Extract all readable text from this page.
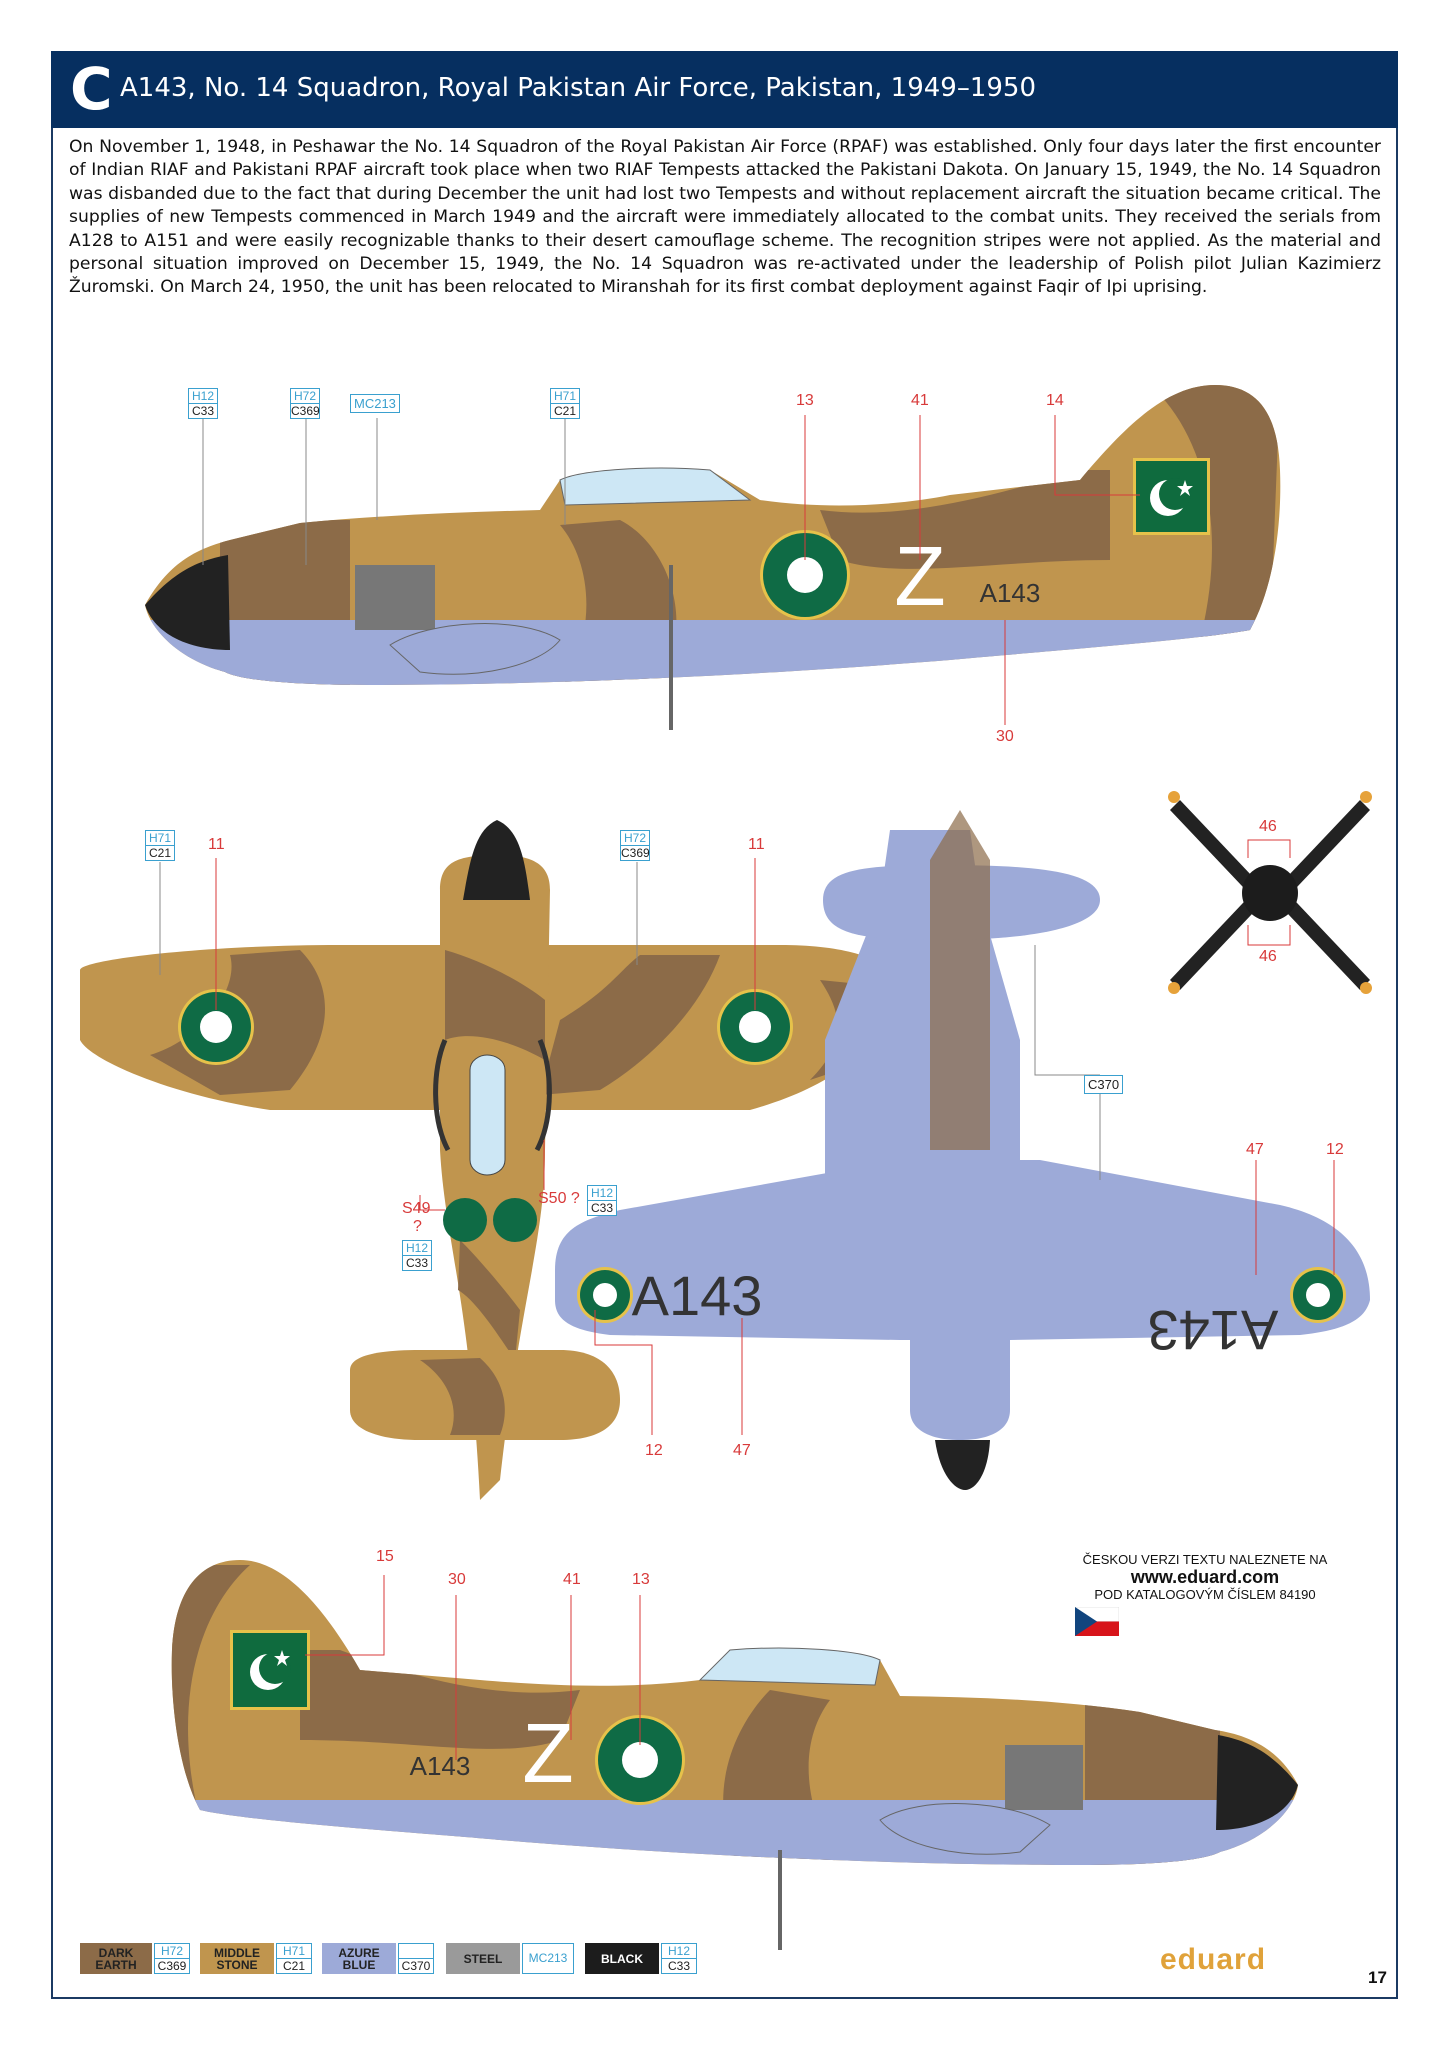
C A143, No. 14 Squadron, Royal Pakistan Air Force, Pakistan, 1949–1950
On November 1, 1948, in Peshawar the No. 14 Squadron of the Royal Pakistan Air Force (RPAF) was established. Only four days later the first encounter of Indian RIAF and Pakistani RPAF aircraft took place when two RIAF Tempests attacked the Pakistani Dakota. On January 15, 1949, the No. 14 Squadron was disbanded due to the fact that during December the unit had lost two Tempests and without replacement aircraft the situation became critical. The supplies of new Tempests commenced in March 1949 and the aircraft were immediately allocated to the combat units. They received the serials from A128 to A151 and were easily recognizable thanks to their desert camouflage scheme. The recognition stripes were not applied. As the material and personal situation improved on December 15, 1949, the No. 14 Squadron was re-activated under the leadership of Polish pilot Julian Kazimierz Žuromski. On March 24, 1950, the unit has been relocated to Miranshah for its first combat deployment against Faqir of Ipi uprising.
Z A143
A143
A143
Z
A143
H12
C33
H72
C369	MC213	H71
C21
13	41	14
30
H71
C21 11	H72
C369	11
S49
?
H12
C33
S50 ? H12
C33
C370
47	12
12	47
46
46
15
30	41	13
ČESKOU VERZI TEXTU NALEZNETE NA
www.eduard.com
POD KATALOGOVÝM ČÍSLEM 84190
DARK
EARTH
H72
C369
MIDDLE
STONE
H71
C21
AZURE
BLUE	C370
STEEL	MC213	BLACK
H12
C33	eduard
17
